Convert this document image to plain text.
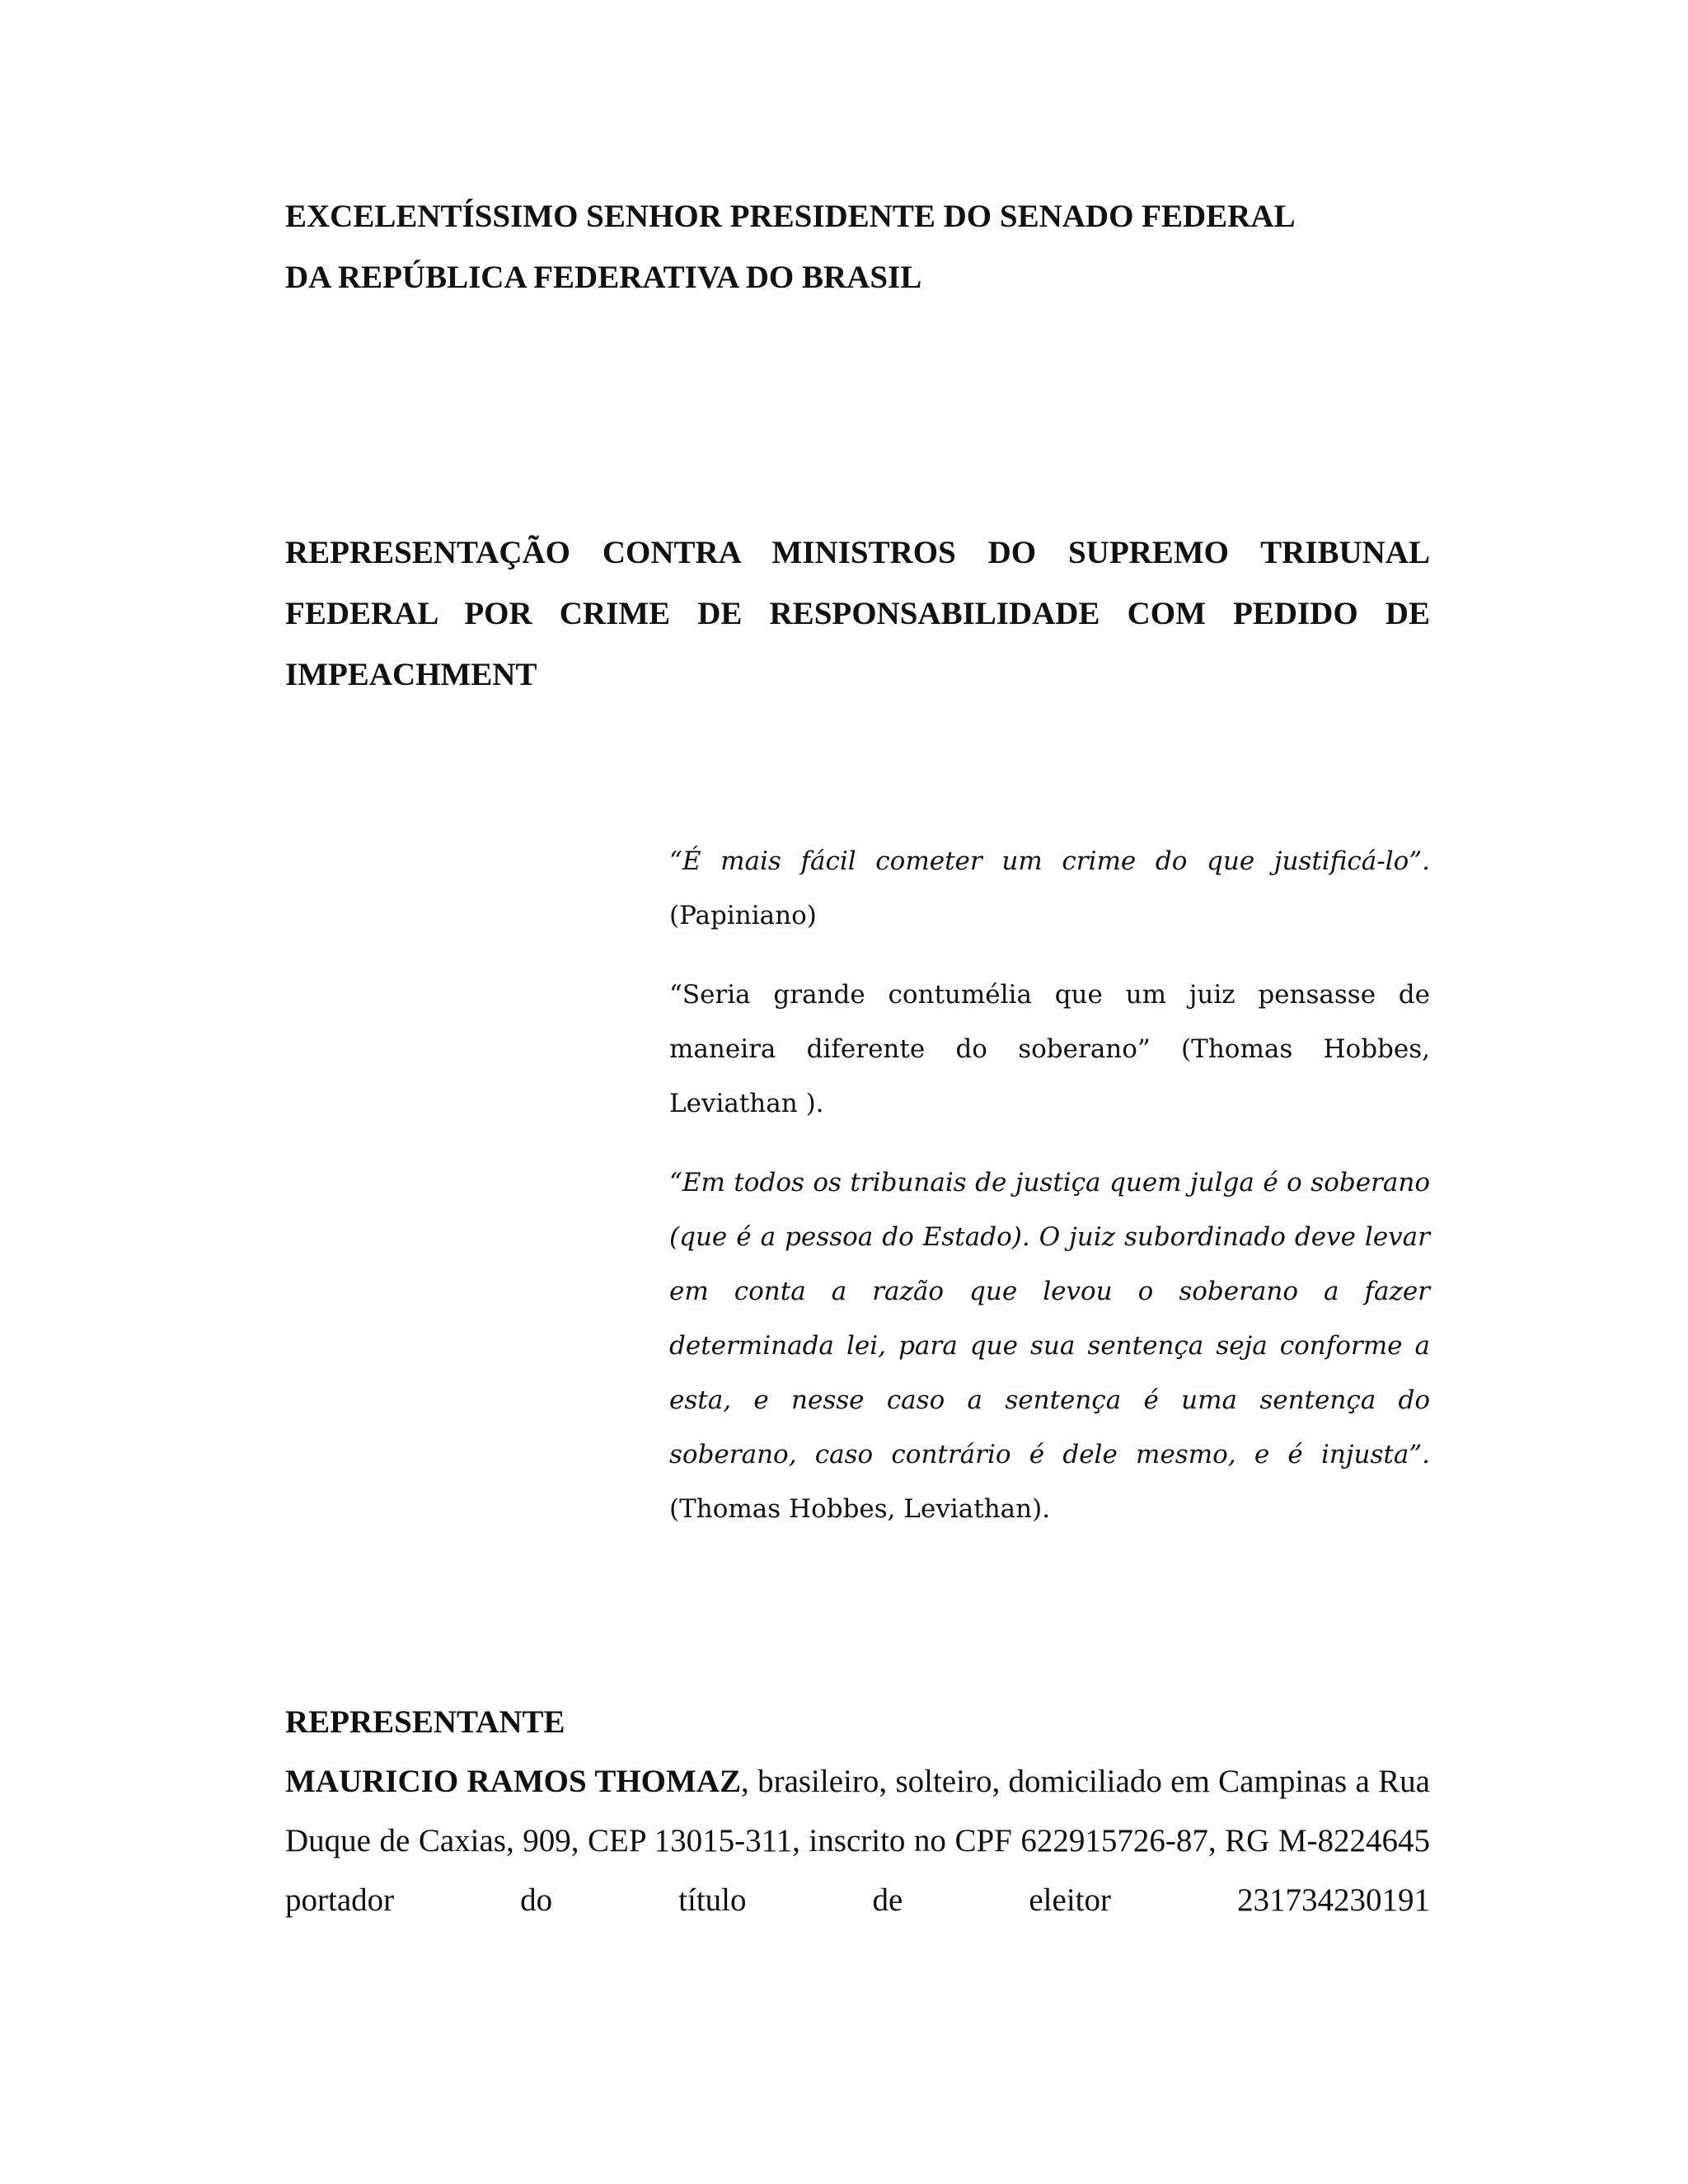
EXCELENTÍSSIMO SENHOR PRESIDENTE DO SENADO FEDERAL
DA REPÚBLICA FEDERATIVA DO BRASIL

REPRESENTAÇÃO CONTRA MINISTROS DO SUPREMO TRIBUNAL FEDERAL POR CRIME DE RESPONSABILIDADE COM PEDIDO DE IMPEACHMENT

“É mais fácil cometer um crime do que justificá-lo”. (Papiniano)

“Seria grande contumélia que um juiz pensasse de maneira diferente do soberano” (Thomas Hobbes, Leviathan ).

“Em todos os tribunais de justiça quem julga é o soberano (que é a pessoa do Estado). O juiz subordinado deve levar em conta a razão que levou o soberano a fazer determinada lei, para que sua sentença seja conforme a esta, e nesse caso a sentença é uma sentença do soberano, caso contrário é dele mesmo, e é injusta”. (Thomas Hobbes, Leviathan).

REPRESENTANTE

MAURICIO RAMOS THOMAZ, brasileiro, solteiro, domiciliado em Campinas a Rua Duque de Caxias, 909, CEP 13015-311, inscrito no CPF 622915726-87, RG M-8224645 portador do título de eleitor 231734230191
